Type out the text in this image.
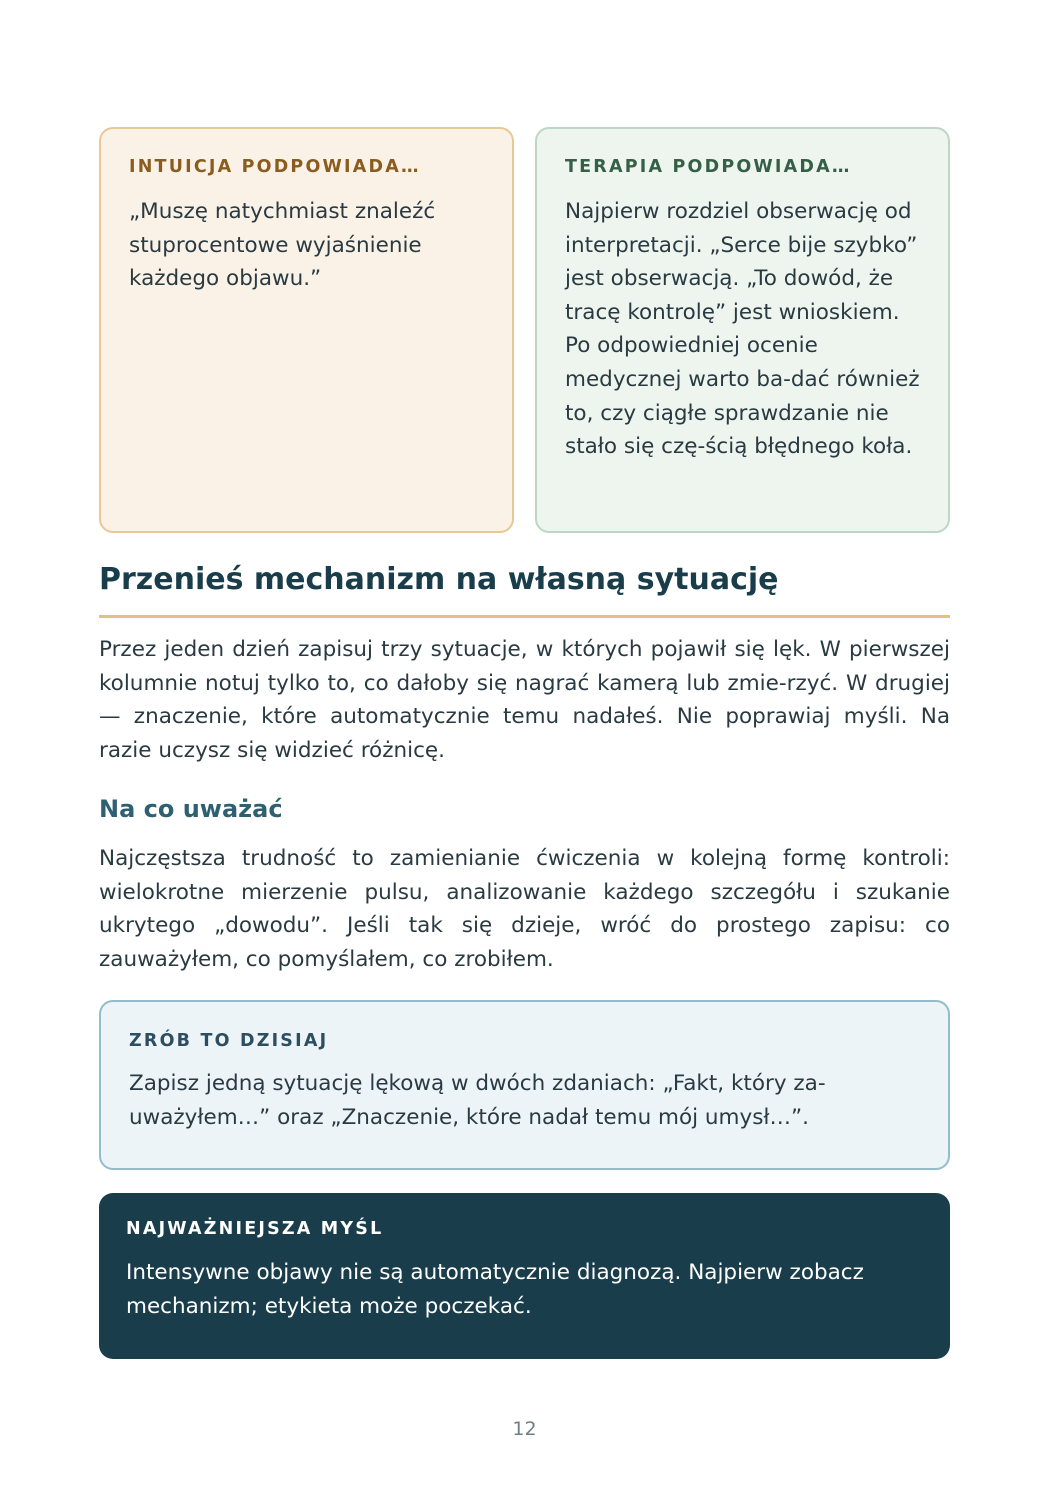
INTUICJA PODPOWIADA…
„Muszę natychmiast znaleźć stuprocentowe wyjaśnienie każdego objawu.”
TERAPIA PODPOWIADA…
Najpierw rozdziel obserwację od interpretacji. „Serce bije szybko” jest obserwacją. „To dowód, że tracę kontrolę” jest wnioskiem. Po odpowiedniej ocenie medycznej warto ba-dać również to, czy ciągłe sprawdzanie nie stało się czę-ścią błędnego koła.
Przenieś mechanizm na własną sytuację

Przez jeden dzień zapisuj trzy sytuacje, w których pojawił się lęk. W pierwszej kolumnie notuj tylko to, co dałoby się nagrać kamerą lub zmie-rzyć. W drugiej — znaczenie, które automatycznie temu nadałeś. Nie poprawiaj myśli. Na razie uczysz się widzieć różnicę.

Na co uważać

Najczęstsza trudność to zamienianie ćwiczenia w kolejną formę kontroli: wielokrotne mierzenie pulsu, analizowanie każdego szczegółu i szukanie ukrytego „dowodu”. Jeśli tak się dzieje, wróć do prostego zapisu: co zauważyłem, co pomyślałem, co zrobiłem.

ZRÓB TO DZISIAJ
Zapisz jedną sytuację lękową w dwóch zdaniach: „Fakt, który za-uważyłem…” oraz „Znaczenie, które nadał temu mój umysł…”.
NAJWAŻNIEJSZA MYŚL
Intensywne objawy nie są automatycznie diagnozą. Najpierw zobacz mechanizm; etykieta może poczekać.
12
